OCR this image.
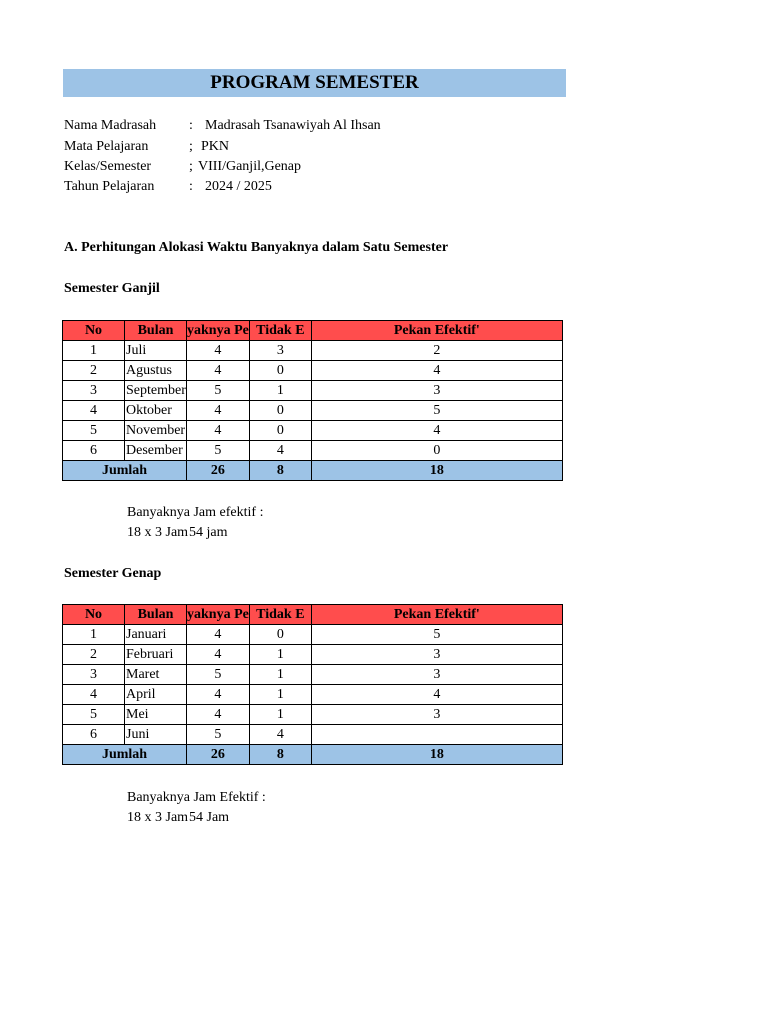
PROGRAM SEMESTER
Nama Madrasah : Madrasah Tsanawiyah Al Ihsan
Mata Pelajaran	; PKN
Kelas/Semester	; VIII/Ganjil,Genap
Tahun Pelajaran : 2024 / 2025
A. Perhitungan Alokasi Waktu Banyaknya dalam Satu Semester
Semester Ganjil
No	Bulan	yaknya Pe	Tidak E	Pekan Efektif'
1	Juli	4	3	2
2	Agustus	4	0	4
3	September	5	1	3
4	Oktober	4	0	5
5	November	4	0	4
6	Desember	5	4	0
Jumlah		26	8	18
Banyaknya Jam efektif :
18 x 3 Jam 54 jam
Semester Genap
No	Bulan	yaknya Pe	Tidak E	Pekan Efektif'
1	Januari	4	0	5
2	Februari	4	1	3
3	Maret	5	1	3
4	April	4	1	4
5	Mei	4	1	3
6	Juni	5	4	
Jumlah		26	8	18
Banyaknya Jam Efektif :
18 x 3 Jam 54 Jam
